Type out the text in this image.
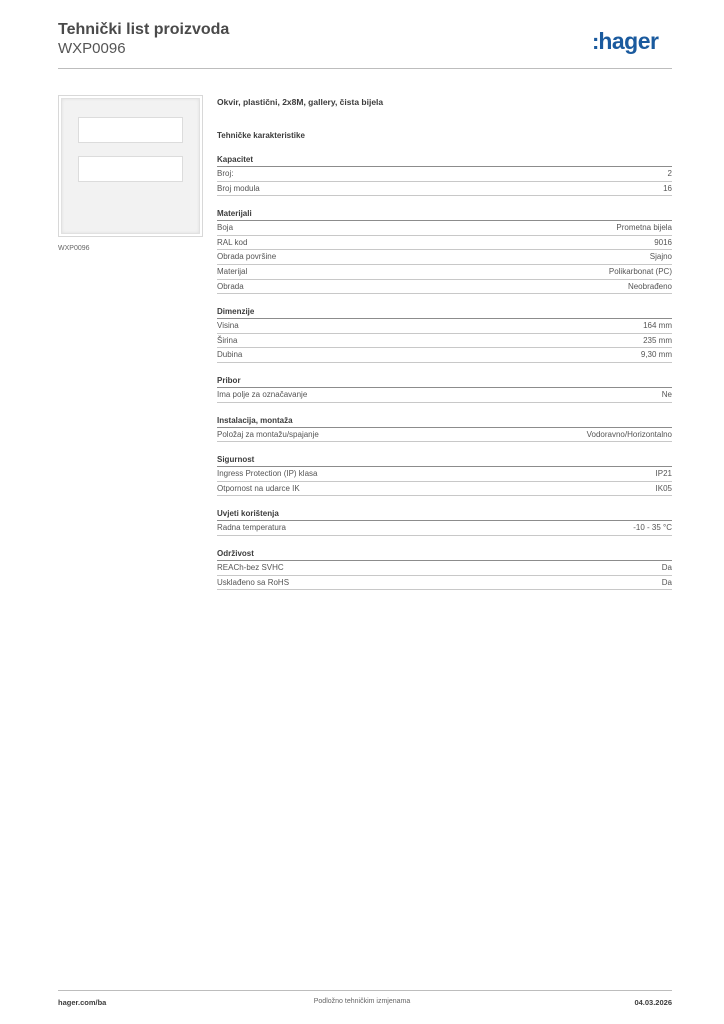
Tehnički list proizvoda
WXP0096	:hager
WXP0096
Okvir, plastični, 2x8M, gallery, čista bijela
Tehničke karakteristike
Kapacitet
Broj:	2
Broj modula	16
Materijali
Boja	Prometna bijela
RAL kod	9016
Obrada površine	Sjajno
Materijal	Polikarbonat (PC)
Obrada	Neobrađeno
Dimenzije
Visina	164 mm
Širina	235 mm
Dubina	9,30 mm
Pribor
Ima polje za označavanje	Ne
Instalacija, montaža
Položaj za montažu/spajanje	Vodoravno/Horizontalno
Sigurnost
Ingress Protection (IP) klasa	IP21
Otpornost na udarce IK	IK05
Uvjeti korištenja
Radna temperatura	-10 - 35 °C
Održivost
REACh-bez SVHC	Da
Usklađeno sa RoHS	Da
hager.com/ba	Podložno tehničkim izmjenama	04.03.2026
